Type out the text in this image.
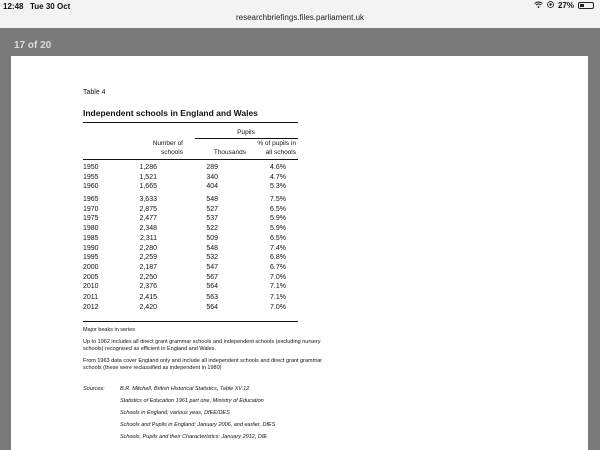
12:48 Tue 30 Oct	27%
researchbriefings.files.parliament.uk
17 of 20
Table 4
Independent schools in England and Wales
Pupils
Number of
schools	Thousands
% of pupils in
all schools
1950	1,286	289	4.6%
1955	1,521	340	4.7%
1960	1,665	404	5.3%
1965	3,633	548	7.5%
1970	2,875	527	6.5%
1975	2,477	537	5.9%
1980	2,348	522	5.9%
1985	2,311	509	6.5%
1990	2,280	548	7.4%
1995	2,259	532	6.8%
2000	2,187	547	6.7%
2005	2,250	567	7.0%
2010	2,376	564	7.1%
2011	2,415	563	7.1%
2012	2,420	564	7.0%
Major beaks in series
Up to 1962 includes all direct grant grammar schools and independent schools (excluding nursery schools) recognised as efficient in England and Wales.
From 1963 data cover England only and include all independent schools and direct grant grammar schools (these were reclassified as independent in 1980)
Sources:	B.R. Mitchell, British Historical Statistics, Table XV.12
Statistics of Education 1961 part one, Ministry of Education
Schools in England, various yeas, DfEE/DES
Schools and Pupils in England: January 2006, and earlier, DfES
Schools, Pupils and their Characteristics: January 2012, DfE
